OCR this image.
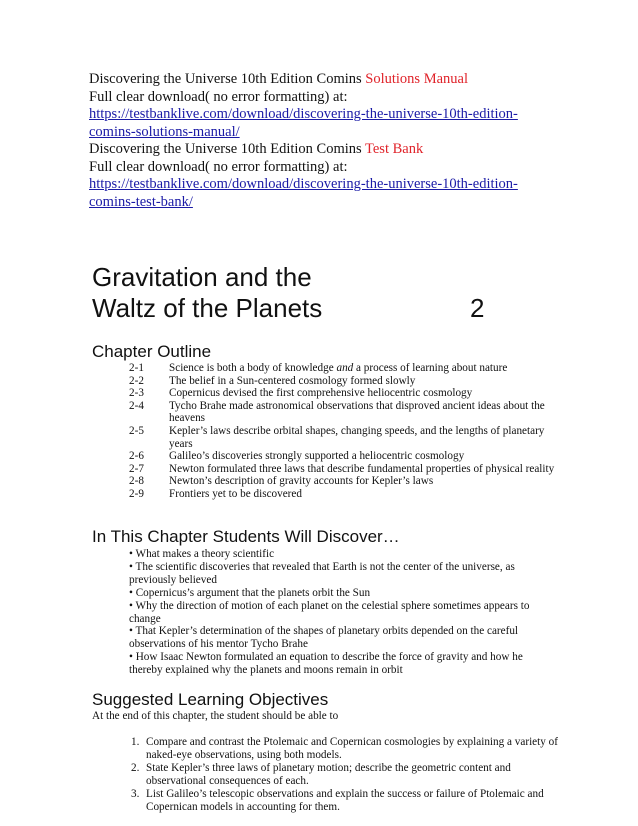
Discovering the Universe 10th Edition Comins Solutions Manual
Full clear download( no error formatting) at:
https://testbanklive.com/download/discovering-the-universe-10th-edition-
comins-solutions-manual/
Discovering the Universe 10th Edition Comins Test Bank
Full clear download( no error formatting) at:
https://testbanklive.com/download/discovering-the-universe-10th-edition-
comins-test-bank/
Gravitation and the
Waltz of the Planets	2
Chapter Outline
2-1	Science is both a body of knowledge and a process of learning about nature
2-2	The belief in a Sun-centered cosmology formed slowly
2-3	Copernicus devised the first comprehensive heliocentric cosmology
2-4	Tycho Brahe made astronomical observations that disproved ancient ideas about the heavens
2-5	Kepler’s laws describe orbital shapes, changing speeds, and the lengths of planetary years
2-6	Galileo’s discoveries strongly supported a heliocentric cosmology
2-7	Newton formulated three laws that describe fundamental properties of physical reality
2-8	Newton’s description of gravity accounts for Kepler’s laws
2-9	Frontiers yet to be discovered
In This Chapter Students Will Discover…
• What makes a theory scientific
• The scientific discoveries that revealed that Earth is not the center of the universe, as previously believed
• Copernicus’s argument that the planets orbit the Sun
• Why the direction of motion of each planet on the celestial sphere sometimes appears to change
• That Kepler’s determination of the shapes of planetary orbits depended on the careful observations of his mentor Tycho Brahe
• How Isaac Newton formulated an equation to describe the force of gravity and how he thereby explained why the planets and moons remain in orbit
Suggested Learning Objectives
At the end of this chapter, the student should be able to
1. Compare and contrast the Ptolemaic and Copernican cosmologies by explaining a variety of naked-eye observations, using both models.
2. State Kepler’s three laws of planetary motion; describe the geometric content and observational consequences of each.
3. List Galileo’s telescopic observations and explain the success or failure of Ptolemaic and Copernican models in accounting for them.
